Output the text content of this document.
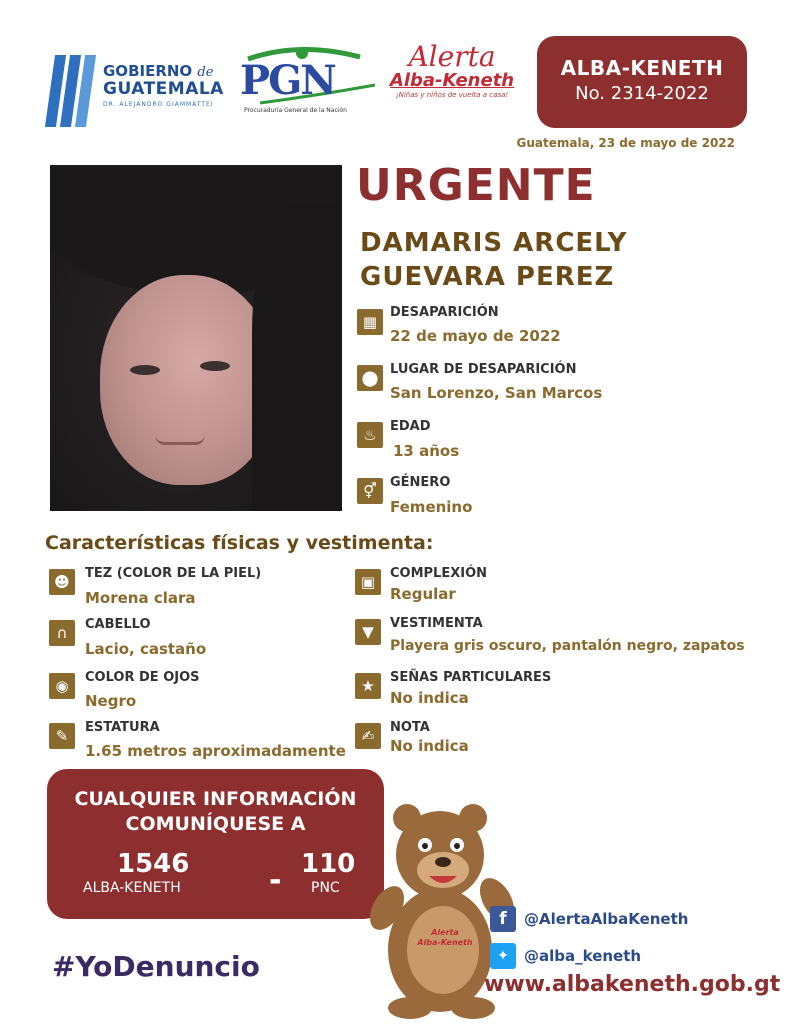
GOBIERNO de
GUATEMALA
DR. ALEJANDRO GIAMMATTEI
PGN
Procuraduría General de la Nación
Alerta
Alba-Keneth
¡Niñas y niños de vuelta a casa!
ALBA-KENETH
No. 2314-2022
Guatemala, 23 de mayo de 2022
URGENTE
DAMARIS ARCELY
GUEVARA PEREZ
▦
DESAPARICIÓN
22 de mayo de 2022
⬤ LUGAR DE DESAPARICIÓN
San Lorenzo, San Marcos
♨	EDAD
13 años
⚥	GÉNERO
Femenino
Características físicas y vestimenta:
☻	TEZ (COLOR DE LA PIEL)
Morena clara
∩	CABELLO
Lacio, castaño
◉	COLOR DE OJOS
Negro
✎	ESTATURA
1.65 metros aproximadamente
▣	COMPLEXIÓN
Regular
▼	VESTIMENTA
Playera gris oscuro, pantalón negro, zapatos
★	SEÑAS PARTICULARES
No indica
✍	NOTA
No indica
CUALQUIER INFORMACIÓN
COMUNÍQUESE A
1546
ALBA-KENETH	- 110
PNC
#YoDenuncio
Alerta
Alba-Keneth
f	@AlertaAlbaKeneth
✦	@alba_keneth
www.albakeneth.gob.gt
